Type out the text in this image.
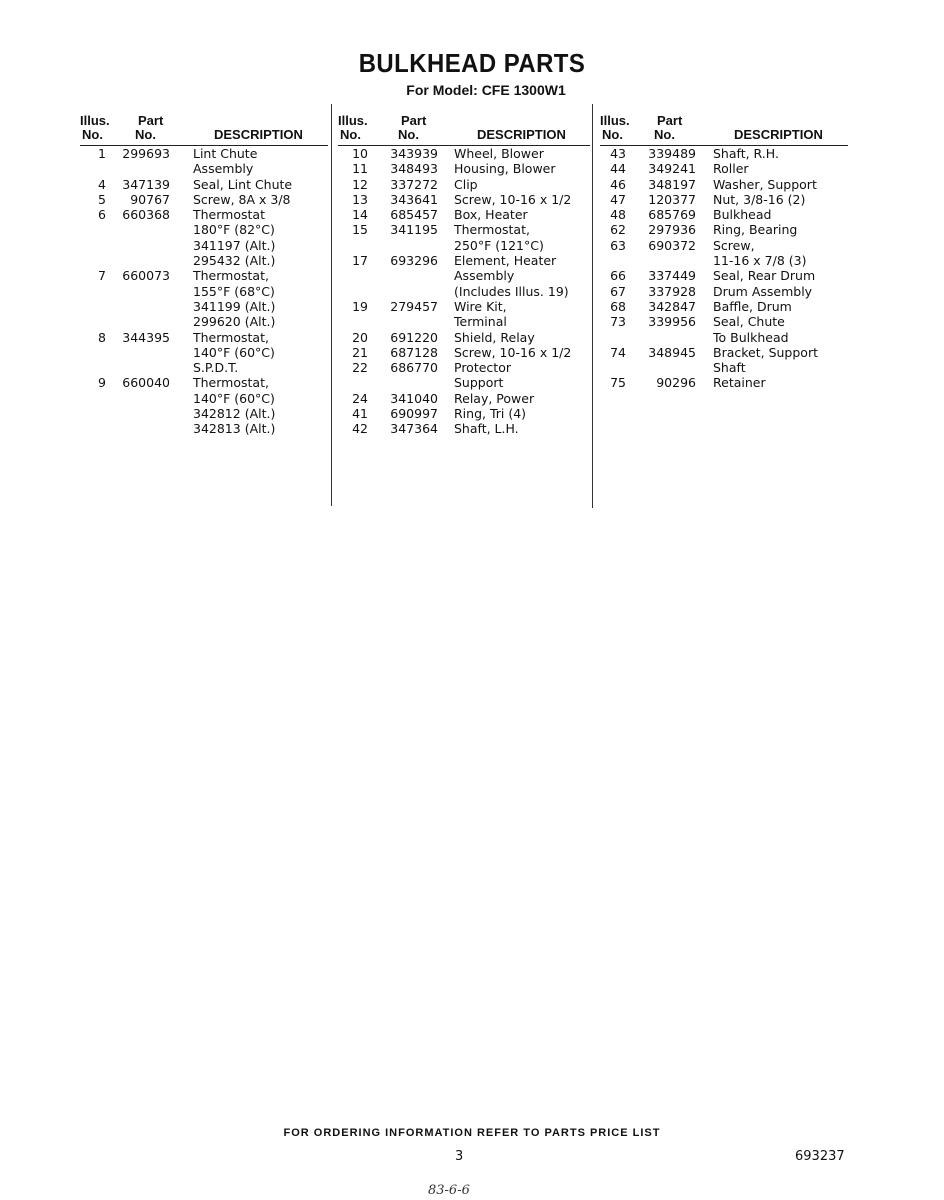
BULKHEAD PARTS
For Model: CFE 1300W1
Illus.
No.
Part
No.	DESCRIPTION
1	299693 Lint Chute
Assembly
4	347139 Seal, Lint Chute
5	90767 Screw, 8A x 3/8
6	660368 Thermostat
180°F (82°C)
341197 (Alt.)
295432 (Alt.)
7	660073 Thermostat,
155°F (68°C)
341199 (Alt.)
299620 (Alt.)
8	344395 Thermostat,
140°F (60°C)
S.P.D.T.
9	660040 Thermostat,
140°F (60°C)
342812 (Alt.)
342813 (Alt.)
Illus.
No.
Part
No.	DESCRIPTION
10	343939 Wheel, Blower
11	348493 Housing, Blower
12	337272 Clip
13	343641 Screw, 10-16 x 1/2
14	685457 Box, Heater
15	341195 Thermostat,
250°F (121°C)
17	693296 Element, Heater
Assembly
(Includes Illus. 19)
19	279457 Wire Kit,
Terminal
20	691220 Shield, Relay
21	687128 Screw, 10-16 x 1/2
22	686770 Protector
Support
24	341040 Relay, Power
41	690997 Ring, Tri (4)
42	347364 Shaft, L.H.
Illus.
No.
Part
No.	DESCRIPTION
43	339489 Shaft, R.H.
44	349241 Roller
46	348197 Washer, Support
47	120377 Nut, 3/8-16 (2)
48	685769 Bulkhead
62	297936 Ring, Bearing
63	690372 Screw,
11-16 x 7/8 (3)
66	337449 Seal, Rear Drum
67	337928 Drum Assembly
68	342847 Baffle, Drum
73	339956 Seal, Chute
To Bulkhead
74	348945 Bracket, Support
Shaft
75	90296 Retainer
FOR ORDERING INFORMATION REFER TO PARTS PRICE LIST
3	693237
83-6-6
